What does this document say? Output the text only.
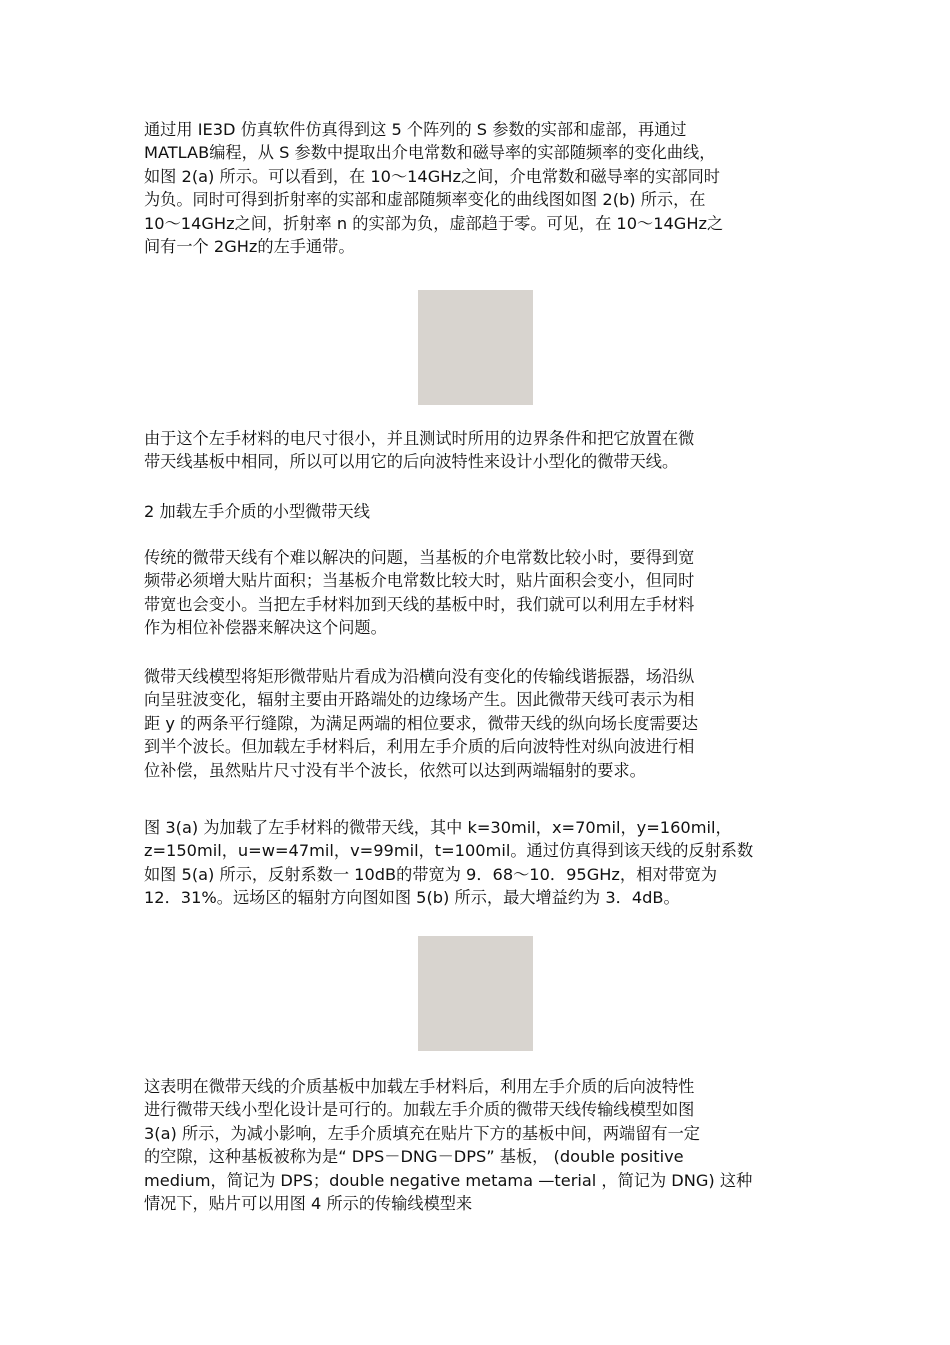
通过用 IE3D 仿真软件仿真得到这 5 个阵列的 S 参数的实部和虚部，再通过
MATLAB编程，从 S 参数中提取出介电常数和磁导率的实部随频率的变化曲线，
如图 2(a) 所示。可以看到，在 10～14GHz之间，介电常数和磁导率的实部同时
为负。同时可得到折射率的实部和虚部随频率变化的曲线图如图 2(b) 所示，在
10～14GHz之间，折射率 n 的实部为负，虚部趋于零。可见，在 10～14GHz之
间有一个 2GHz的左手通带。
由于这个左手材料的电尺寸很小，并且测试时所用的边界条件和把它放置在微
带天线基板中相同，所以可以用它的后向波特性来设计小型化的微带天线。
2 加载左手介质的小型微带天线
传统的微带天线有个难以解决的问题，当基板的介电常数比较小时，要得到宽
频带必须增大贴片面积；当基板介电常数比较大时，贴片面积会变小，但同时
带宽也会变小。当把左手材料加到天线的基板中时，我们就可以利用左手材料
作为相位补偿器来解决这个问题。
微带天线模型将矩形微带贴片看成为沿横向没有变化的传输线谐振器，场沿纵
向呈驻波变化，辐射主要由开路端处的边缘场产生。因此微带天线可表示为相
距 y 的两条平行缝隙，为满足两端的相位要求，微带天线的纵向场长度需要达
到半个波长。但加载左手材料后，利用左手介质的后向波特性对纵向波进行相
位补偿，虽然贴片尺寸没有半个波长，依然可以达到两端辐射的要求。
图 3(a) 为加载了左手材料的微带天线，其中 k=30mil，x=70mil，y=160mil，
z=150mil，u=w=47mil，v=99mil，t=100mil。通过仿真得到该天线的反射系数
如图 5(a) 所示，反射系数一 10dB的带宽为 9．68～10．95GHz，相对带宽为
12．31%。远场区的辐射方向图如图 5(b) 所示，最大增益约为 3．4dB。
这表明在微带天线的介质基板中加载左手材料后，利用左手介质的后向波特性
进行微带天线小型化设计是可行的。加载左手介质的微带天线传输线模型如图
3(a) 所示，为减小影响，左手介质填充在贴片下方的基板中间，两端留有一定
的空隙，这种基板被称为是“ DPS－DNG－DPS” 基板， (double positive
medium，简记为 DPS；double negative metama —terial ，简记为 DNG) 这种
情况下，贴片可以用图 4 所示的传输线模型来
